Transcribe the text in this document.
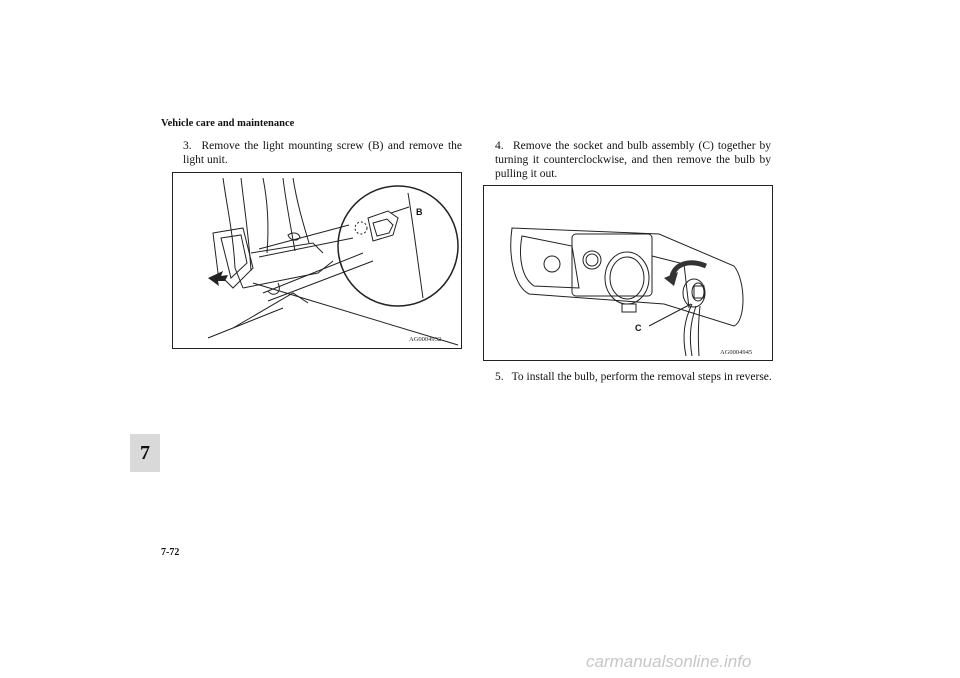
Vehicle care and maintenance
3. Remove the light mounting screw (B) and remove the light unit.
B
AG0004932
4. Remove the socket and bulb assembly (C) together by turning it counterclockwise, and then remove the bulb by pulling it out.
C
AG0004945
5. To install the bulb, perform the removal steps in reverse.
7
7-72
carmanualsonline.info
